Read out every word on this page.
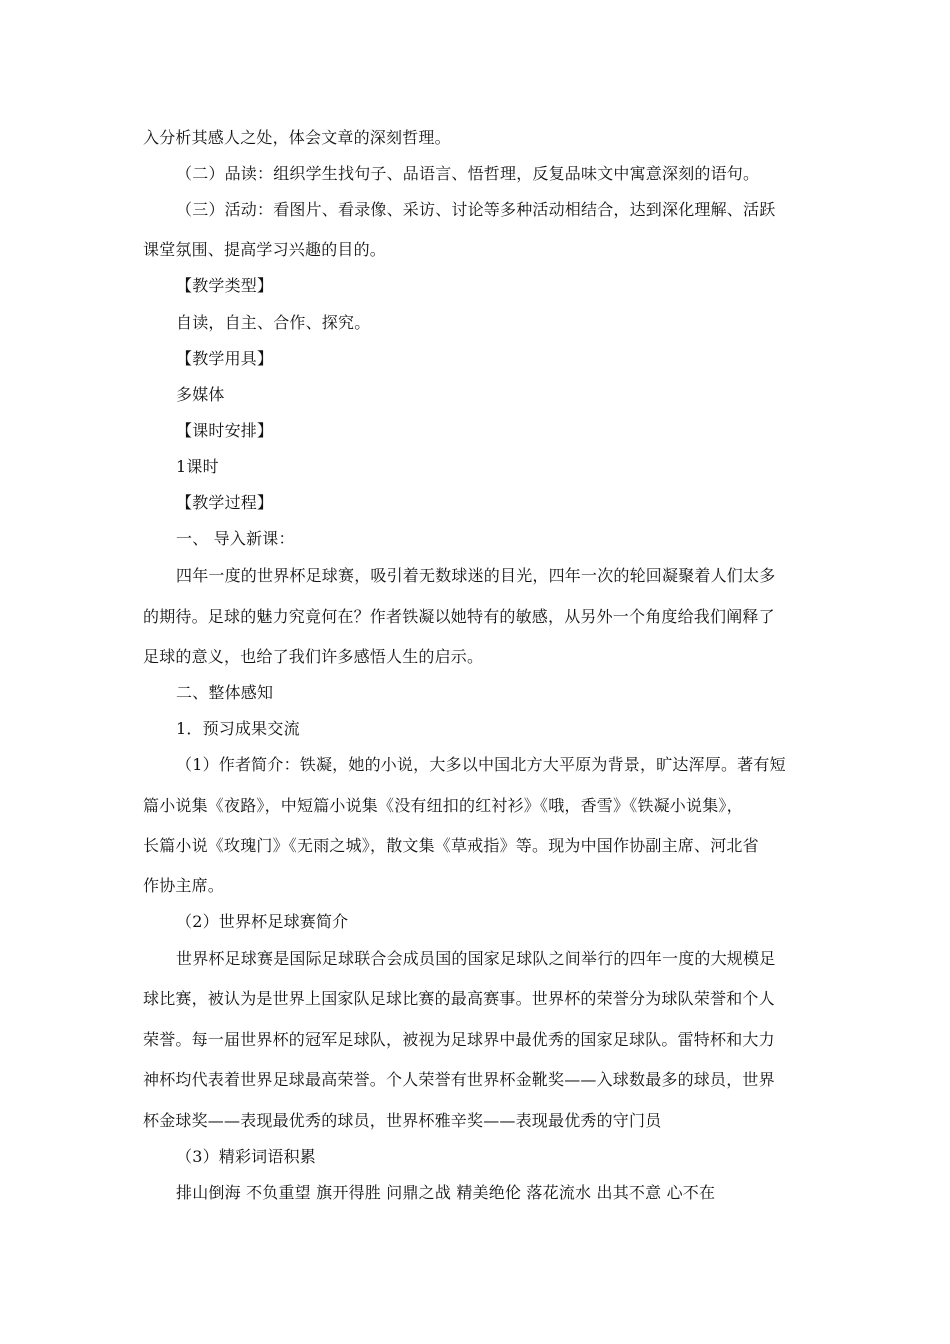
入分析其感人之处，体会文章的深刻哲理。
（二）品读：组织学生找句子、品语言、悟哲理，反复品味文中寓意深刻的语句。
（三）活动：看图片、看录像、采访、讨论等多种活动相结合，达到深化理解、活跃
课堂氛围、提高学习兴趣的目的。
【教学类型】
自读，自主、合作、探究。
【教学用具】
多媒体
【课时安排】
1课时
【教学过程】
一、 导入新课：
四年一度的世界杯足球赛，吸引着无数球迷的目光，四年一次的轮回凝聚着人们太多
的期待。足球的魅力究竟何在？作者铁凝以她特有的敏感，从另外一个角度给我们阐释了
足球的意义，也给了我们许多感悟人生的启示。
二、整体感知
1．预习成果交流
（1）作者简介：铁凝，她的小说，大多以中国北方大平原为背景，旷达浑厚。著有短
篇小说集《夜路》，中短篇小说集《没有纽扣的红衬衫》《哦，香雪》《铁凝小说集》，
长篇小说《玫瑰门》《无雨之城》，散文集《草戒指》等。现为中国作协副主席、河北省
作协主席。
（2）世界杯足球赛简介
世界杯足球赛是国际足球联合会成员国的国家足球队之间举行的四年一度的大规模足
球比赛，被认为是世界上国家队足球比赛的最高赛事。世界杯的荣誉分为球队荣誉和个人
荣誉。每一届世界杯的冠军足球队，被视为足球界中最优秀的国家足球队。雷特杯和大力
神杯均代表着世界足球最高荣誉。个人荣誉有世界杯金靴奖——入球数最多的球员，世界
杯金球奖——表现最优秀的球员，世界杯雅辛奖——表现最优秀的守门员
（3）精彩词语积累
排山倒海 不负重望 旗开得胜 问鼎之战 精美绝伦 落花流水 出其不意 心不在
